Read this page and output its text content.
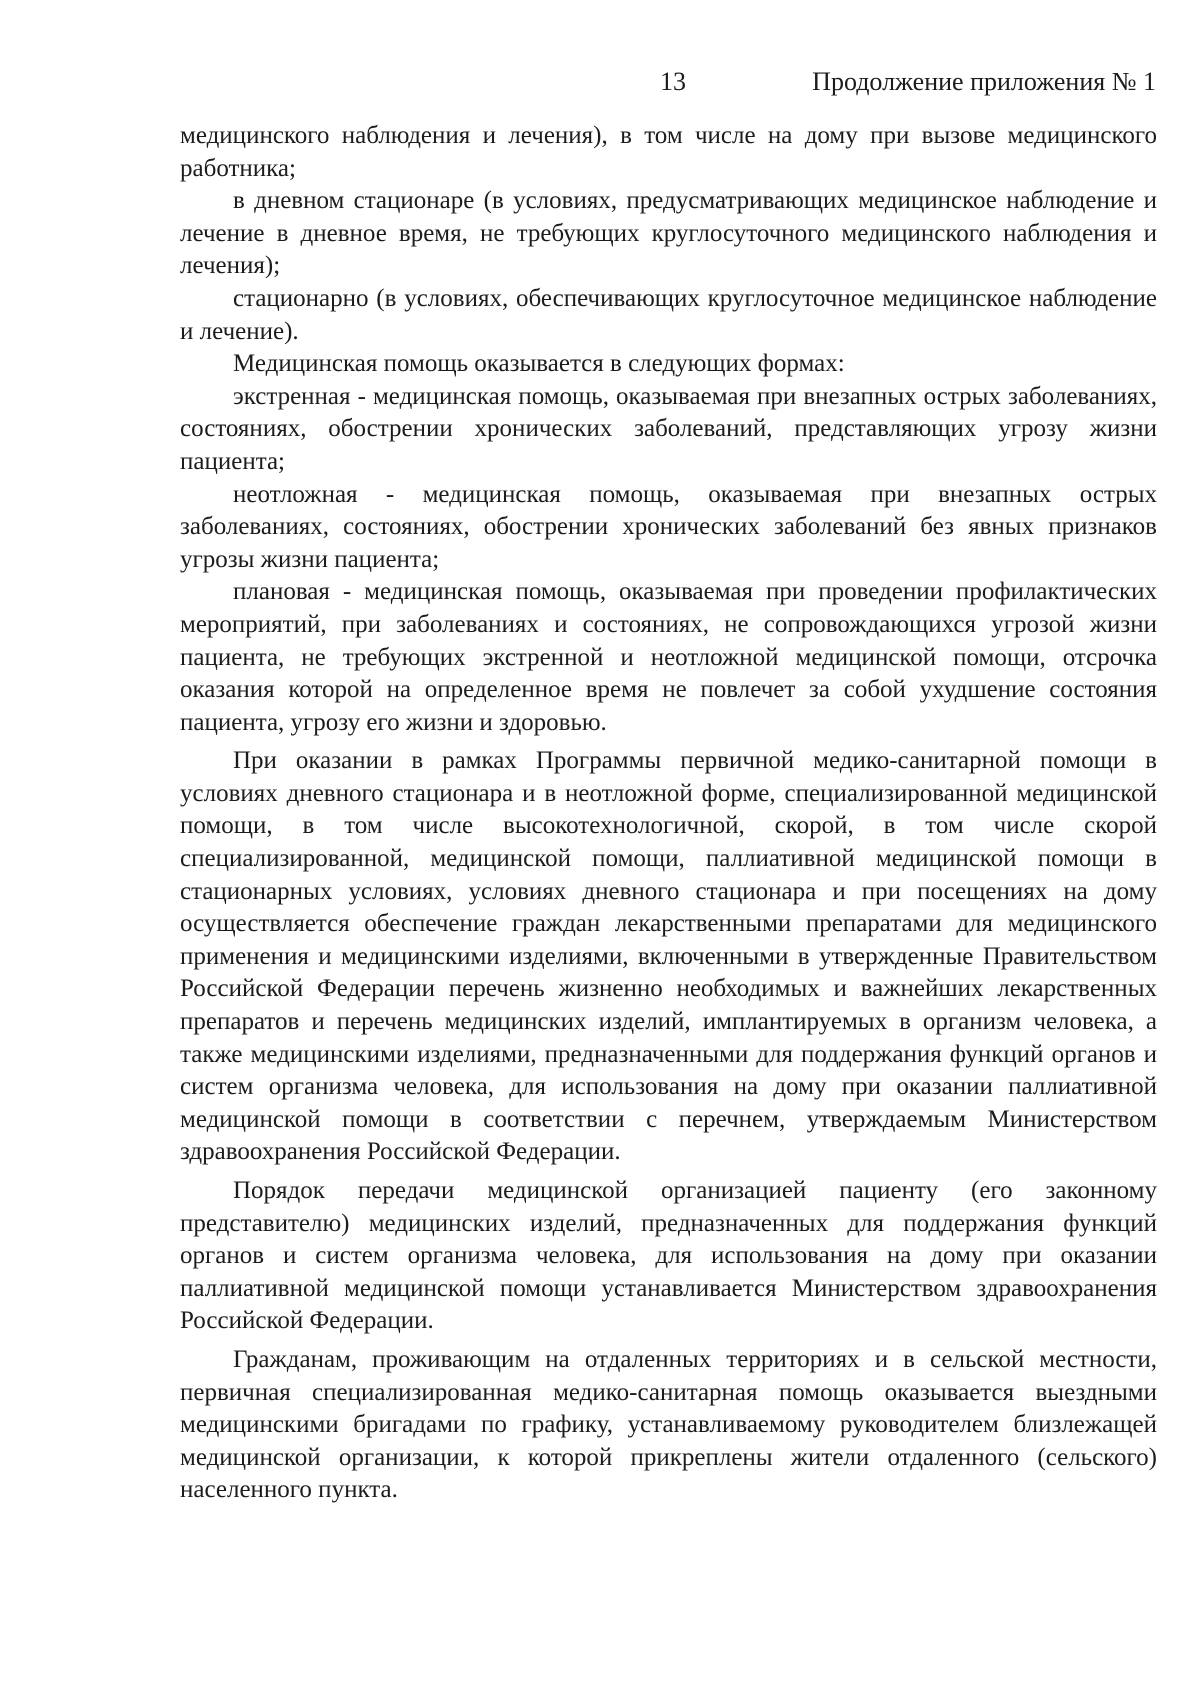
13	Продолжение приложения № 1

медицинского наблюдения и лечения), в том числе на дому при вызове медицинского работника;

в дневном стационаре (в условиях, предусматривающих медицинское наблюдение и лечение в дневное время, не требующих круглосуточного медицинского наблюдения и лечения);

стационарно (в условиях, обеспечивающих круглосуточное медицинское наблюдение и лечение).

Медицинская помощь оказывается в следующих формах:

экстренная - медицинская помощь, оказываемая при внезапных острых заболеваниях, состояниях, обострении хронических заболеваний, представляющих угрозу жизни пациента;

неотложная - медицинская помощь, оказываемая при внезапных острых заболеваниях, состояниях, обострении хронических заболеваний без явных признаков угрозы жизни пациента;

плановая - медицинская помощь, оказываемая при проведении профилактических мероприятий, при заболеваниях и состояниях, не сопровождающихся угрозой жизни пациента, не требующих экстренной и неотложной медицинской помощи, отсрочка оказания которой на определенное время не повлечет за собой ухудшение состояния пациента, угрозу его жизни и здоровью.

При оказании в рамках Программы первичной медико-санитарной помощи в условиях дневного стационара и в неотложной форме, специализированной медицинской помощи, в том числе высокотехнологичной, скорой, в том числе скорой специализированной, медицинской помощи, паллиативной медицинской помощи в стационарных условиях, условиях дневного стационара и при посещениях на дому осуществляется обеспечение граждан лекарственными препаратами для медицинского применения и медицинскими изделиями, включенными в утвержденные Правительством Российской Федерации перечень жизненно необходимых и важнейших лекарственных препаратов и перечень медицинских изделий, имплантируемых в организм человека, а также медицинскими изделиями, предназначенными для поддержания функций органов и систем организма человека, для использования на дому при оказании паллиативной медицинской помощи в соответствии с перечнем, утверждаемым Министерством здравоохранения Российской Федерации.

Порядок передачи медицинской организацией пациенту (его законному представителю) медицинских изделий, предназначенных для поддержания функций органов и систем организма человека, для использования на дому при оказании паллиативной медицинской помощи устанавливается Министерством здравоохранения Российской Федерации.

Гражданам, проживающим на отдаленных территориях и в сельской местности, первичная специализированная медико-санитарная помощь оказывается выездными медицинскими бригадами по графику, устанавливаемому руководителем близлежащей медицинской организации, к которой прикреплены жители отдаленного (сельского) населенного пункта.
